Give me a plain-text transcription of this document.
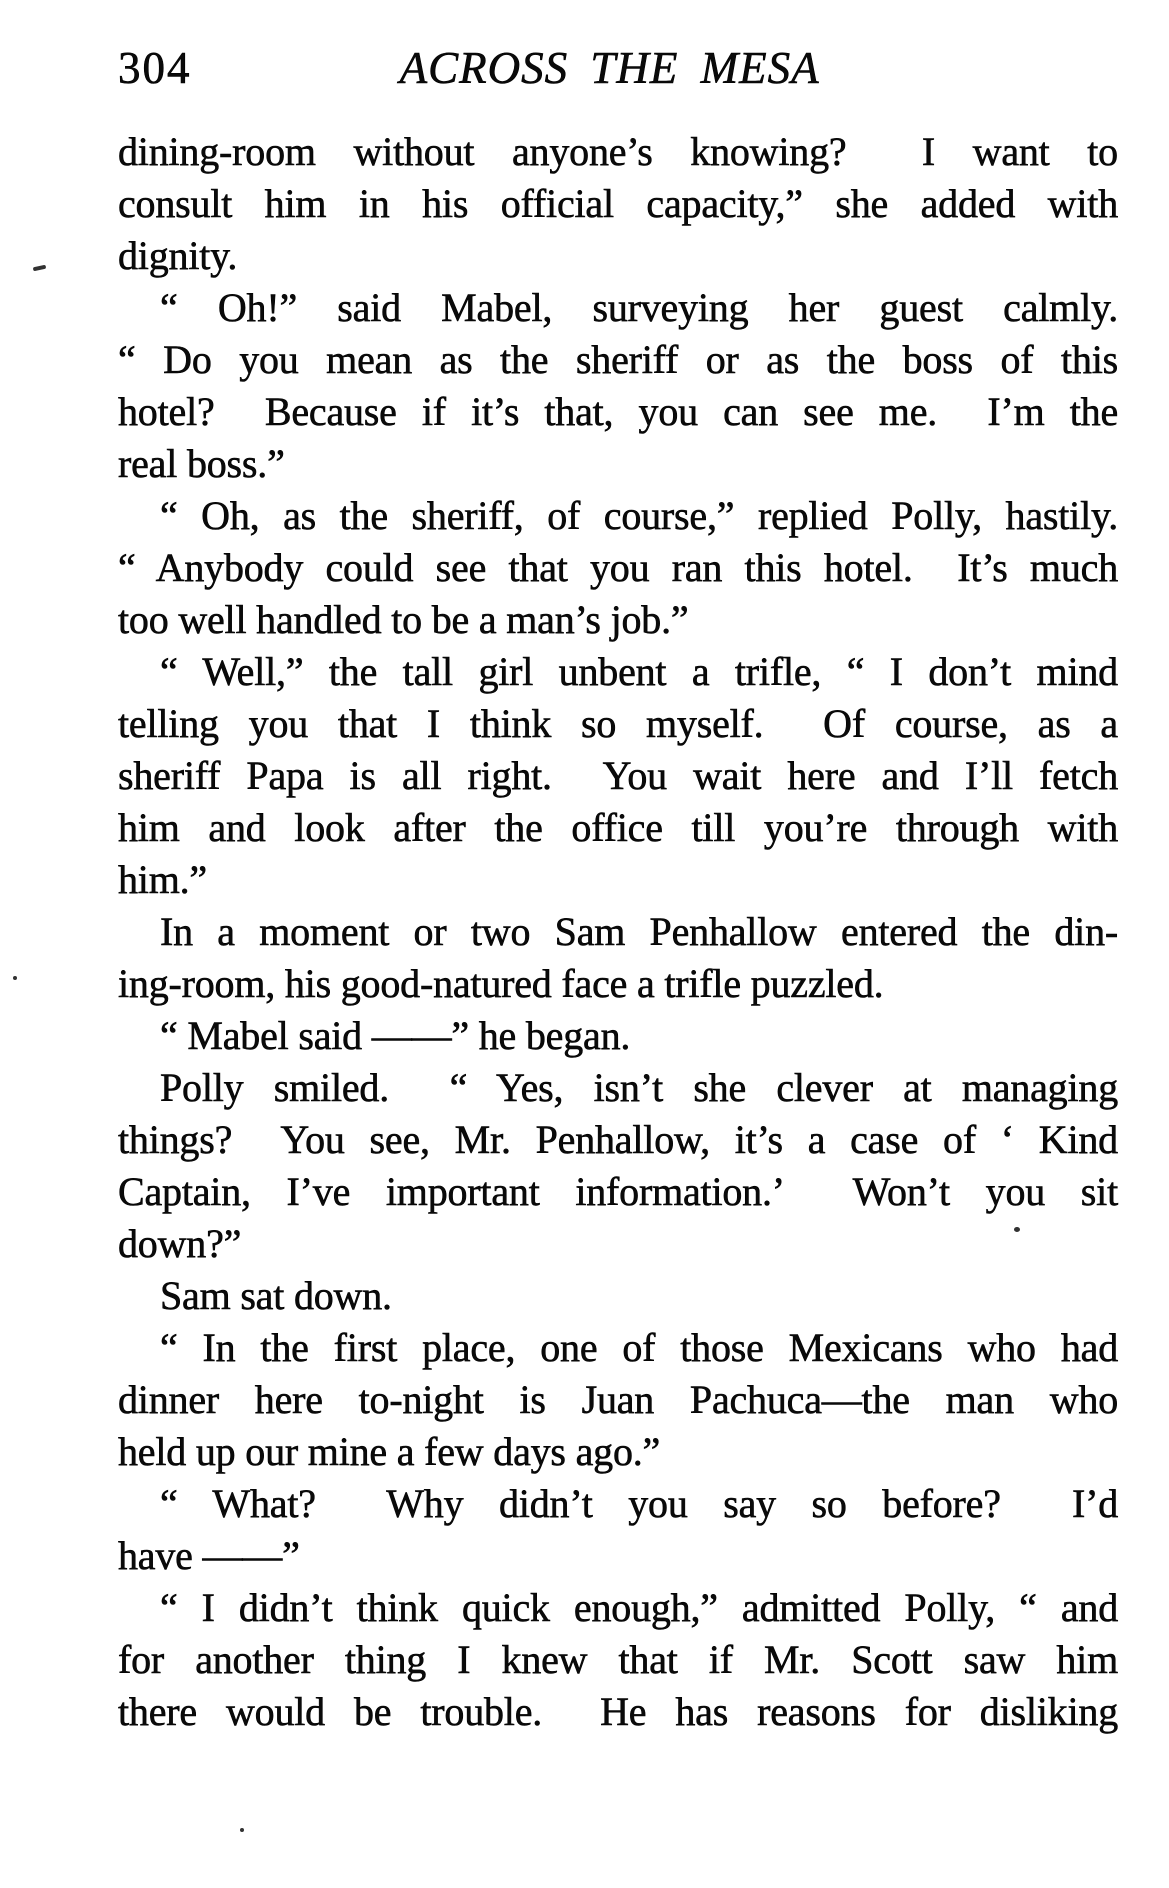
304	ACROSS THE MESA
dining-room without anyone’s knowing?  I want to
consult him in his official capacity,” she added with
dignity.
“ Oh!” said Mabel, surveying her guest calmly.
“ Do you mean as the sheriff or as the boss of this
hotel?  Because if it’s that, you can see me.  I’m the
real boss.”
“ Oh, as the sheriff, of course,” replied Polly, hastily.
“ Anybody could see that you ran this hotel.  It’s much
too well handled to be a man’s job.”
“ Well,” the tall girl unbent a trifle, “ I don’t mind
telling you that I think so myself.  Of course, as a
sheriff Papa is all right.  You wait here and I’ll fetch
him and look after the office till you’re through with
him.”
In a moment or two Sam Penhallow entered the din-
ing-room, his good-natured face a trifle puzzled.
“ Mabel said ——” he began.
Polly smiled.  “ Yes, isn’t she clever at managing
things?  You see, Mr. Penhallow, it’s a case of ‘ Kind
Captain, I’ve important information.’  Won’t you sit
down?”
Sam sat down.
“ In the first place, one of those Mexicans who had
dinner here to-night is Juan Pachuca—the man who
held up our mine a few days ago.”
“ What?  Why didn’t you say so before?  I’d
have ——”
“ I didn’t think quick enough,” admitted Polly, “ and
for another thing I knew that if Mr. Scott saw him
there would be trouble.  He has reasons for disliking
